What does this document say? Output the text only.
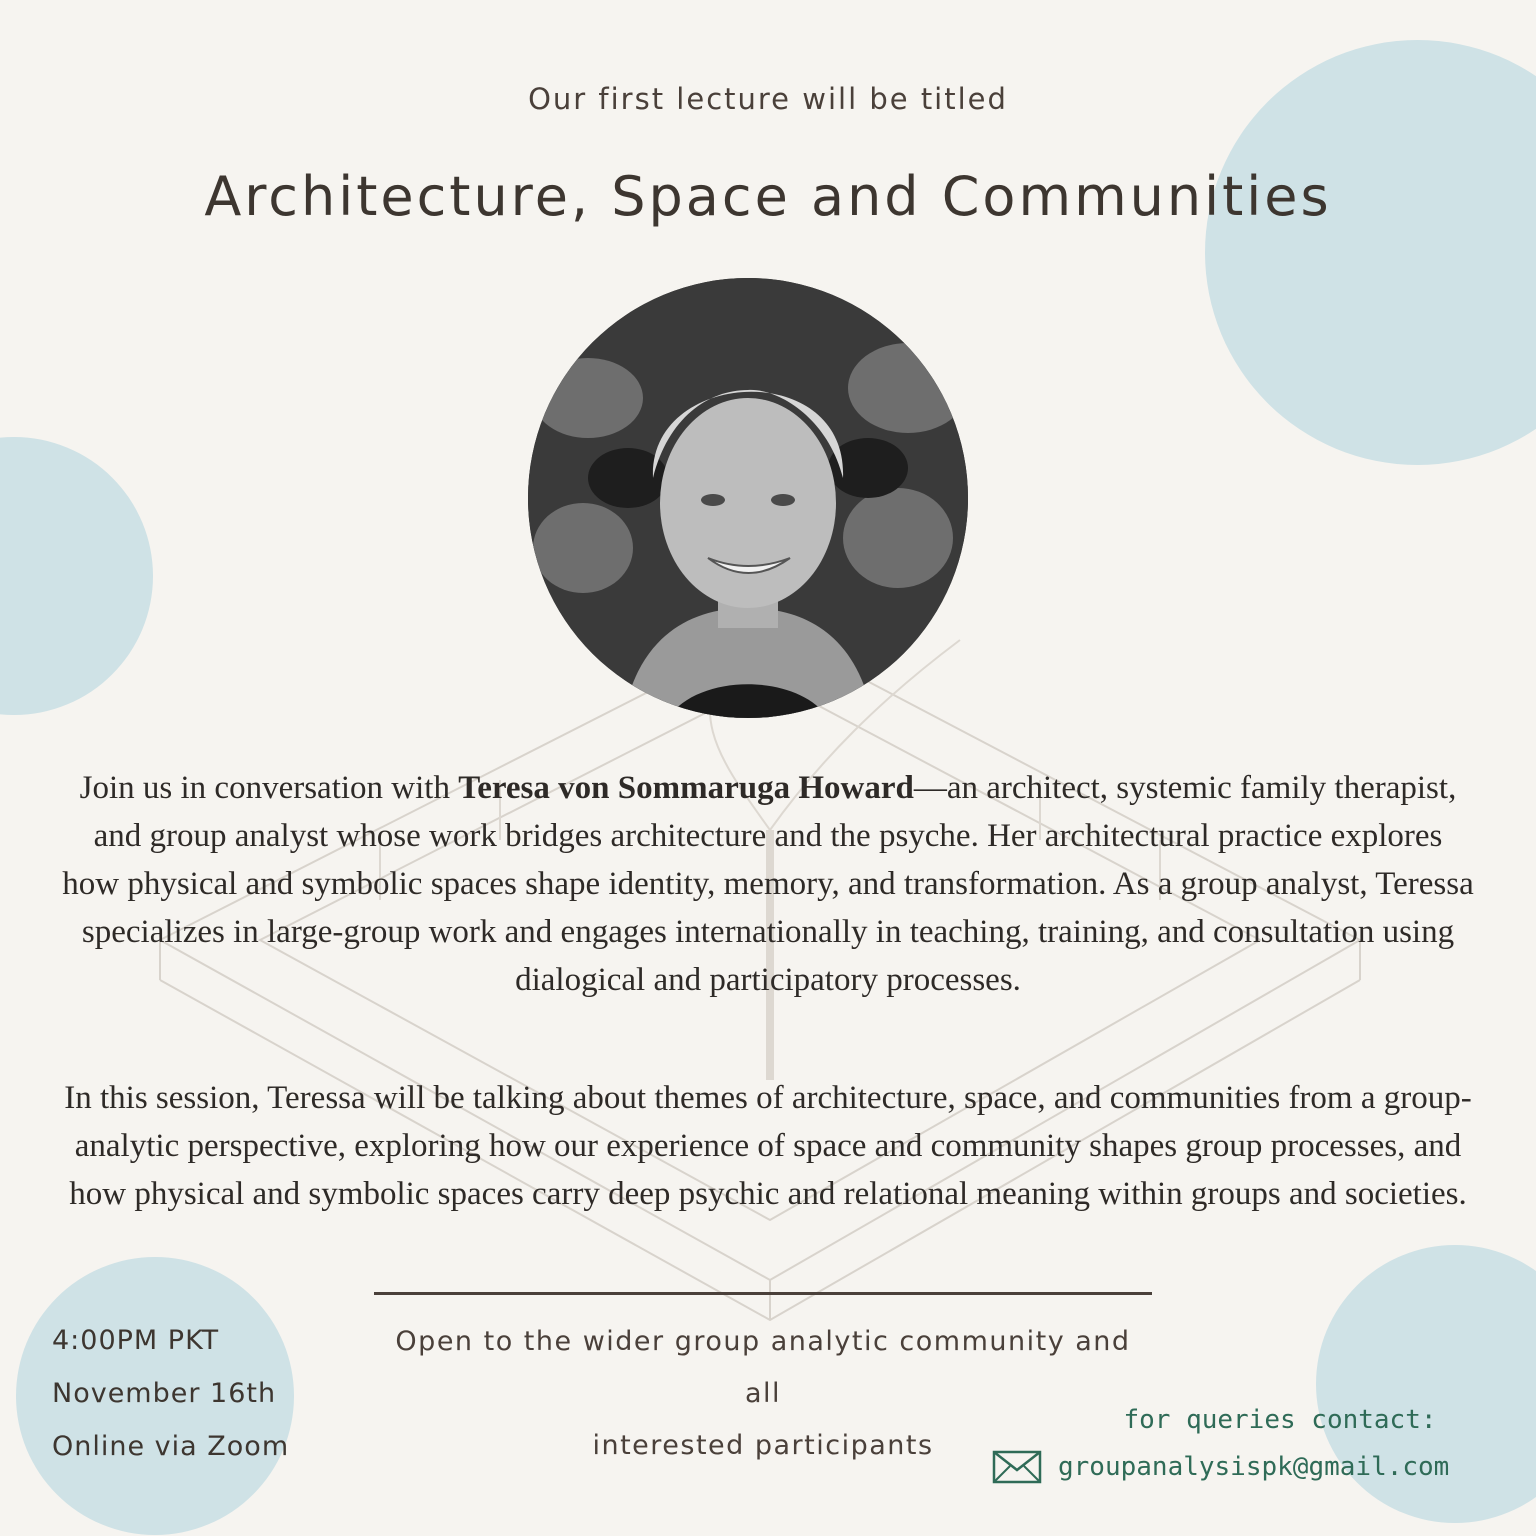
Our first lecture will be titled
Architecture, Space and Communities
Join us in conversation with Teresa von Sommaruga Howard—an architect, systemic family therapist, and group analyst whose work bridges architecture and the psyche. Her architectural practice explores how physical and symbolic spaces shape identity, memory, and transformation. As a group analyst, Teressa specializes in large-group work and engages internationally in teaching, training, and consultation using dialogical and participatory processes.
In this session, Teressa will be talking about themes of architecture, space, and communities from a group-analytic perspective, exploring how our experience of space and community shapes group processes, and how physical and symbolic spaces carry deep psychic and relational meaning within groups and societies.
Open to the wider group analytic community and all
interested participants
4:00PM PKT
November 16th
Online via Zoom
for queries contact:
groupanalysispk@gmail.com
